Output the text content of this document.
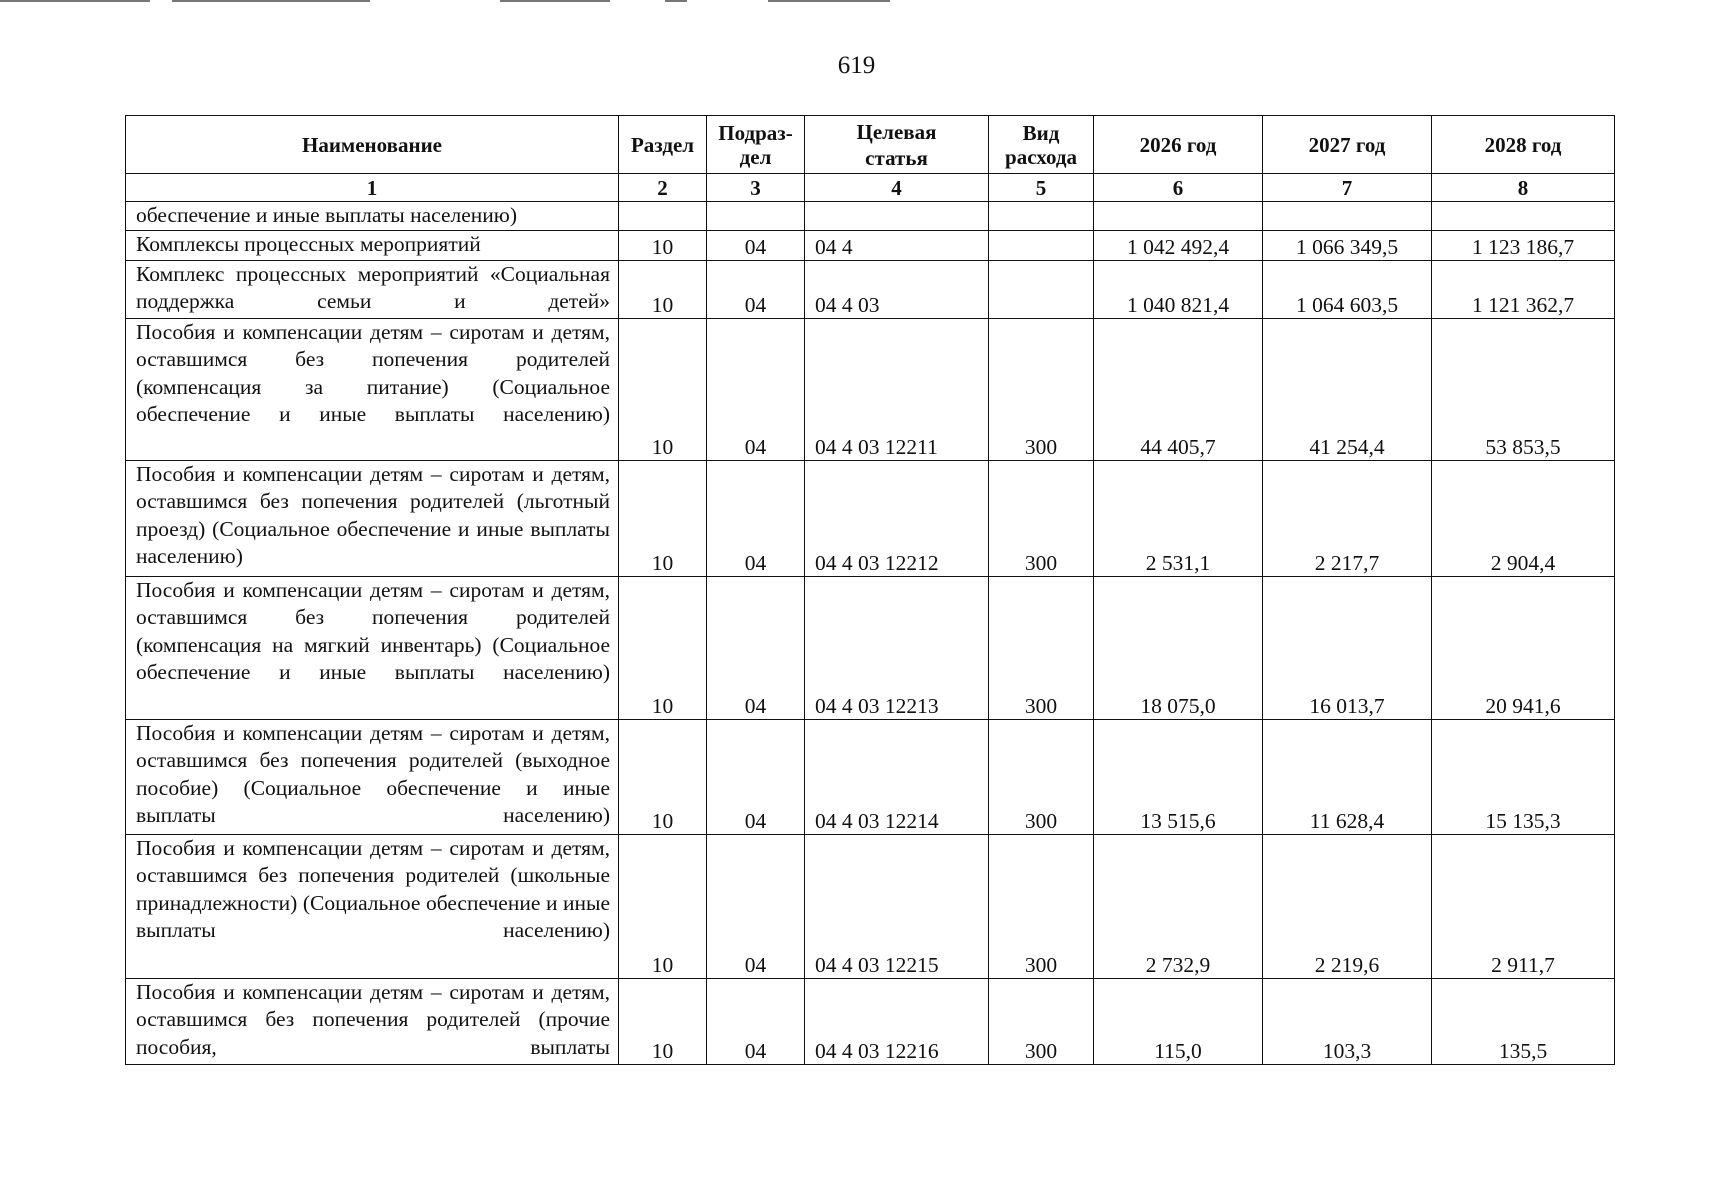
619
Наименование	Раздел	Подраз-дел	Целевая статья	Вид расхода	2026 год	2027 год	2028 год
1	2	3	4	5	6	7	8
обеспечение и иные выплаты населению)							
Комплексы процессных мероприятий	10	04	04 4		1 042 492,4	1 066 349,5	1 123 186,7
Комплекс процессных мероприятий «Социальная поддержка семьи и детей»	10	04	04 4 03		1 040 821,4	1 064 603,5	1 121 362,7
Пособия и компенсации детям – сиротам и детям, оставшимся без попечения родителей (компенсация за питание) (Социальное обеспечение и иные выплаты населению)	10	04	04 4 03 12211	300	44 405,7	41 254,4	53 853,5
Пособия и компенсации детям – сиротам и детям, оставшимся без попечения родителей (льготный проезд) (Социальное обеспечение и иные выплаты населению)	10	04	04 4 03 12212	300	2 531,1	2 217,7	2 904,4
Пособия и компенсации детям – сиротам и детям, оставшимся без попечения родителей (компенсация на мягкий инвентарь) (Социальное обеспечение и иные выплаты населению)	10	04	04 4 03 12213	300	18 075,0	16 013,7	20 941,6
Пособия и компенсации детям – сиротам и детям, оставшимся без попечения родителей (выходное пособие) (Социальное обеспечение и иные выплаты населению)	10	04	04 4 03 12214	300	13 515,6	11 628,4	15 135,3
Пособия и компенсации детям – сиротам и детям, оставшимся без попечения родителей (школьные принадлежности) (Социальное обеспечение и иные выплаты населению)	10	04	04 4 03 12215	300	2 732,9	2 219,6	2 911,7
Пособия и компенсации детям – сиротам и детям, оставшимся без попечения родителей (прочие пособия, выплаты	10	04	04 4 03 12216	300	115,0	103,3	135,5
